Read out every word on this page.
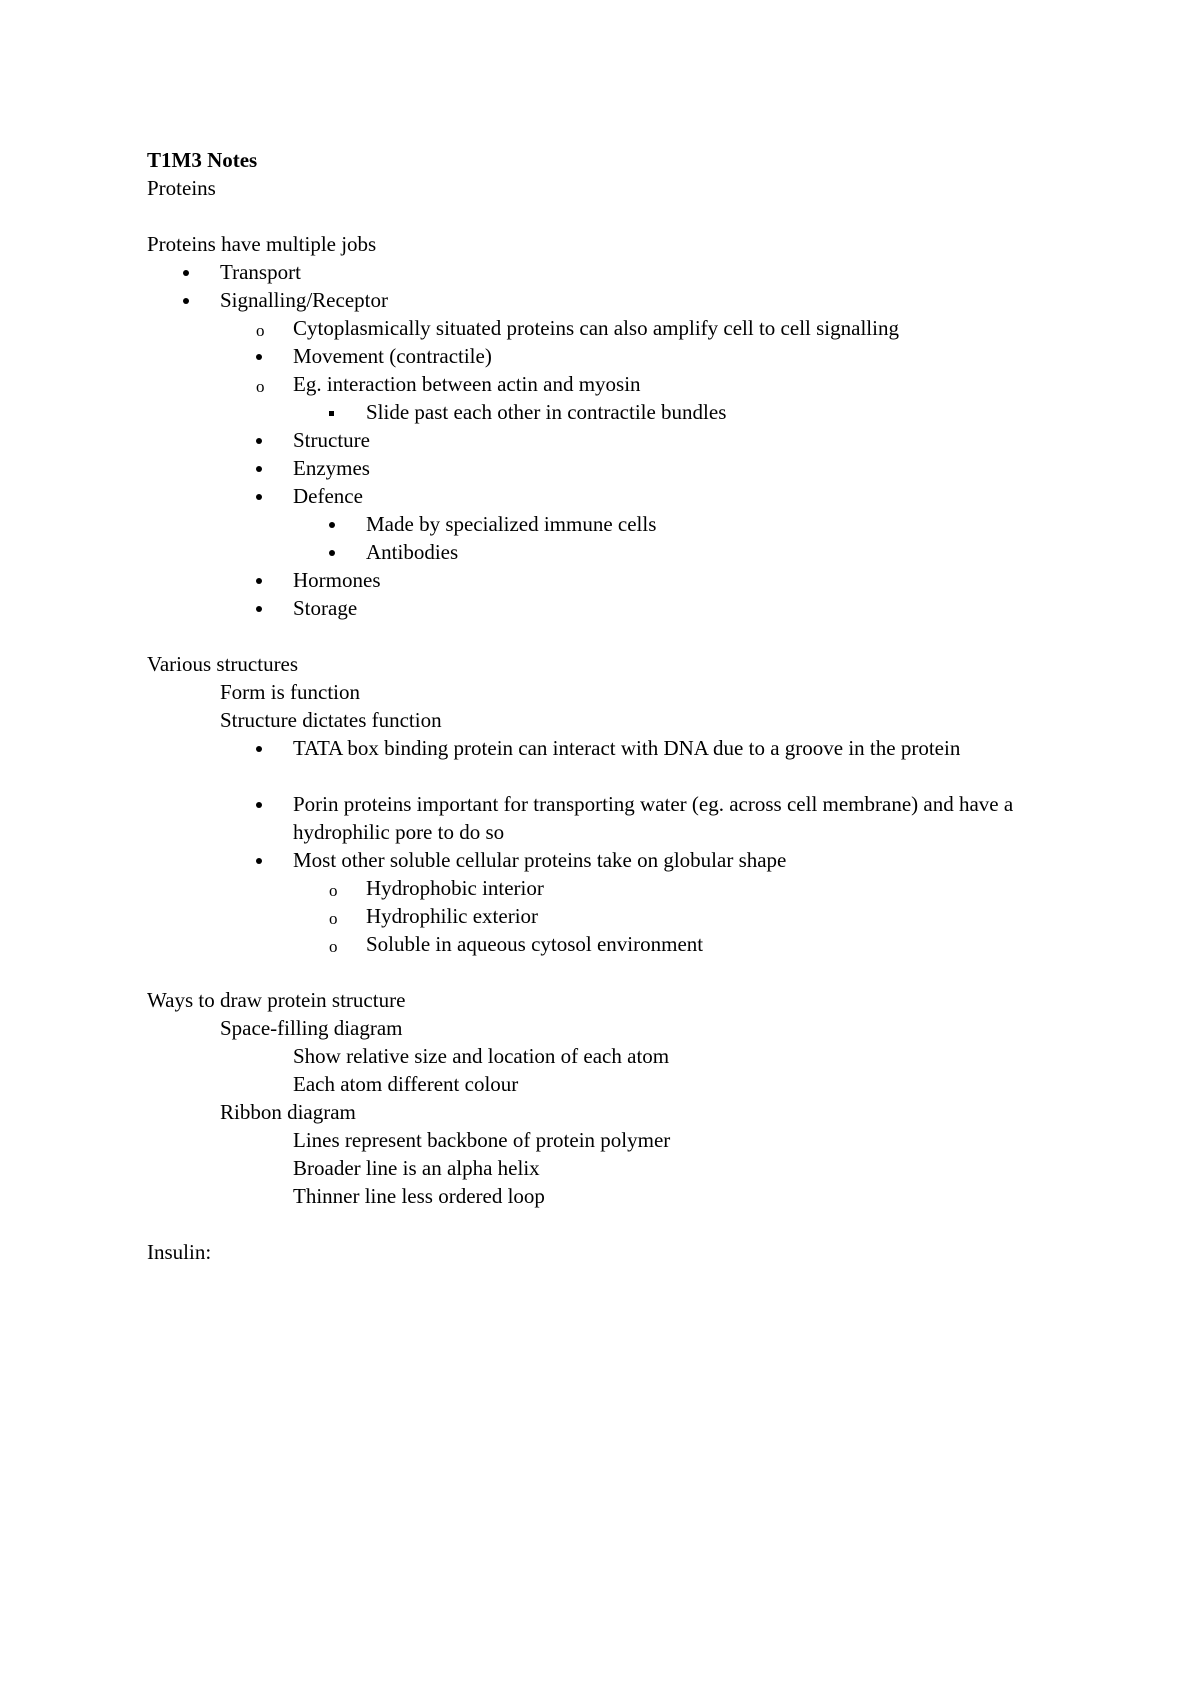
T1M3 Notes
Proteins
Proteins have multiple jobs
Transport
Signalling/Receptor
o	Cytoplasmically situated proteins can also amplify cell to cell signalling
Movement (contractile)
o	Eg. interaction between actin and myosin
Slide past each other in contractile bundles
Structure
Enzymes
Defence
Made by specialized immune cells
Antibodies
Hormones
Storage
Various structures
Form is function
Structure dictates function
TATA box binding protein can interact with DNA due to a groove in the protein
Porin proteins important for transporting water (eg. across cell membrane) and have a hydrophilic pore to do so
Most other soluble cellular proteins take on globular shape
o	Hydrophobic interior
o	Hydrophilic exterior
o	Soluble in aqueous cytosol environment
Ways to draw protein structure
Space-filling diagram
Show relative size and location of each atom
Each atom different colour
Ribbon diagram
Lines represent backbone of protein polymer
Broader line is an alpha helix
Thinner line less ordered loop
Insulin:
